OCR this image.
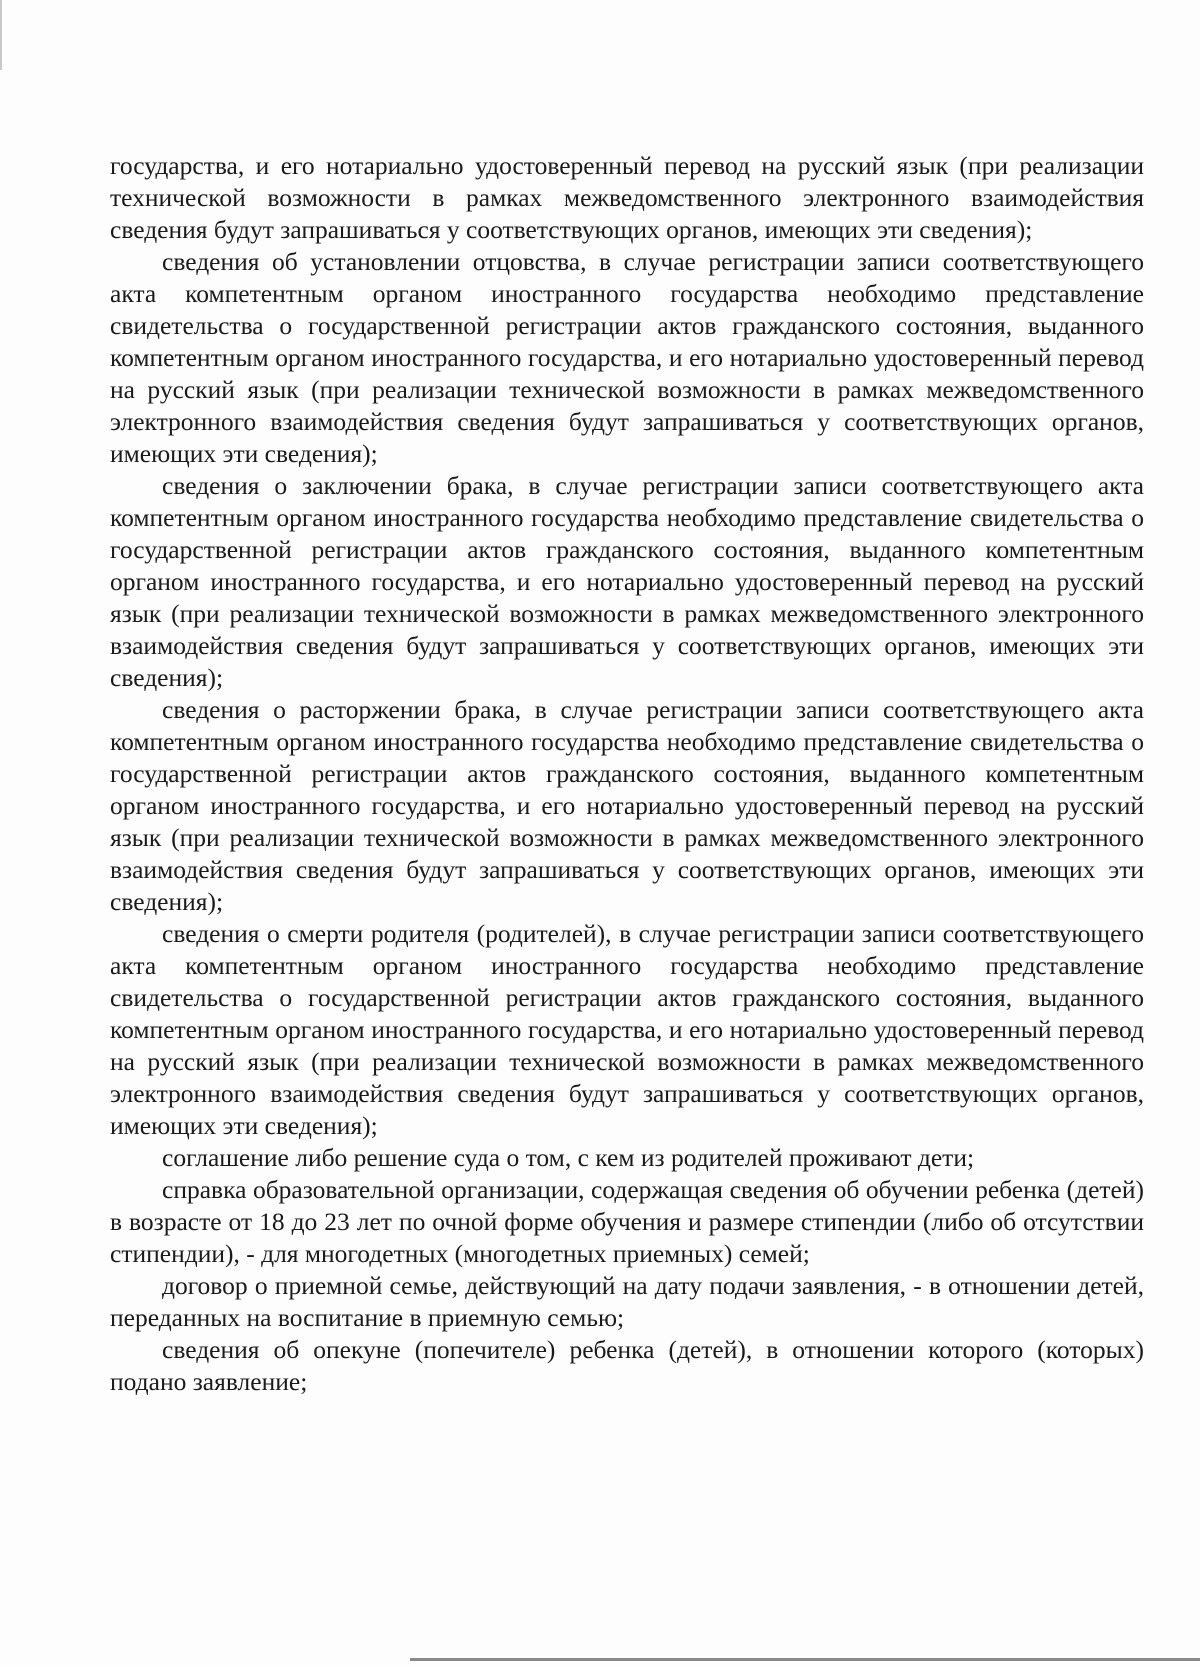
государства, и его нотариально удостоверенный перевод на русский язык (при реализации технической возможности в рамках межведомственного электронного взаимодействия сведения будут запрашиваться у соответствующих органов, имеющих эти сведения);

сведения об установлении отцовства, в случае регистрации записи соответствующего акта компетентным органом иностранного государства необходимо представление свидетельства о государственной регистрации актов гражданского состояния, выданного компетентным органом иностранного государства, и его нотариально удостоверенный перевод на русский язык (при реализации технической возможности в рамках межведомственного электронного взаимодействия сведения будут запрашиваться у соответствующих органов, имеющих эти сведения);

сведения о заключении брака, в случае регистрации записи соответствующего акта компетентным органом иностранного государства необходимо представление свидетельства о государственной регистрации актов гражданского состояния, выданного компетентным органом иностранного государства, и его нотариально удостоверенный перевод на русский язык (при реализации технической возможности в рамках межведомственного электронного взаимодействия сведения будут запрашиваться у соответствующих органов, имеющих эти сведения);

сведения о расторжении брака, в случае регистрации записи соответствующего акта компетентным органом иностранного государства необходимо представление свидетельства о государственной регистрации актов гражданского состояния, выданного компетентным органом иностранного государства, и его нотариально удостоверенный перевод на русский язык (при реализации технической возможности в рамках межведомственного электронного взаимодействия сведения будут запрашиваться у соответствующих органов, имеющих эти сведения);

сведения о смерти родителя (родителей), в случае регистрации записи соответствующего акта компетентным органом иностранного государства необходимо представление свидетельства о государственной регистрации актов гражданского состояния, выданного компетентным органом иностранного государства, и его нотариально удостоверенный перевод на русский язык (при реализации технической возможности в рамках межведомственного электронного взаимодействия сведения будут запрашиваться у соответствующих органов, имеющих эти сведения);

соглашение либо решение суда о том, с кем из родителей проживают дети;

справка образовательной организации, содержащая сведения об обучении ребенка (детей) в возрасте от 18 до 23 лет по очной форме обучения и размере стипендии (либо об отсутствии стипендии), - для многодетных (многодетных приемных) семей;

договор о приемной семье, действующий на дату подачи заявления, - в отношении детей, переданных на воспитание в приемную семью;

сведения об опекуне (попечителе) ребенка (детей), в отношении которого (которых) подано заявление;
